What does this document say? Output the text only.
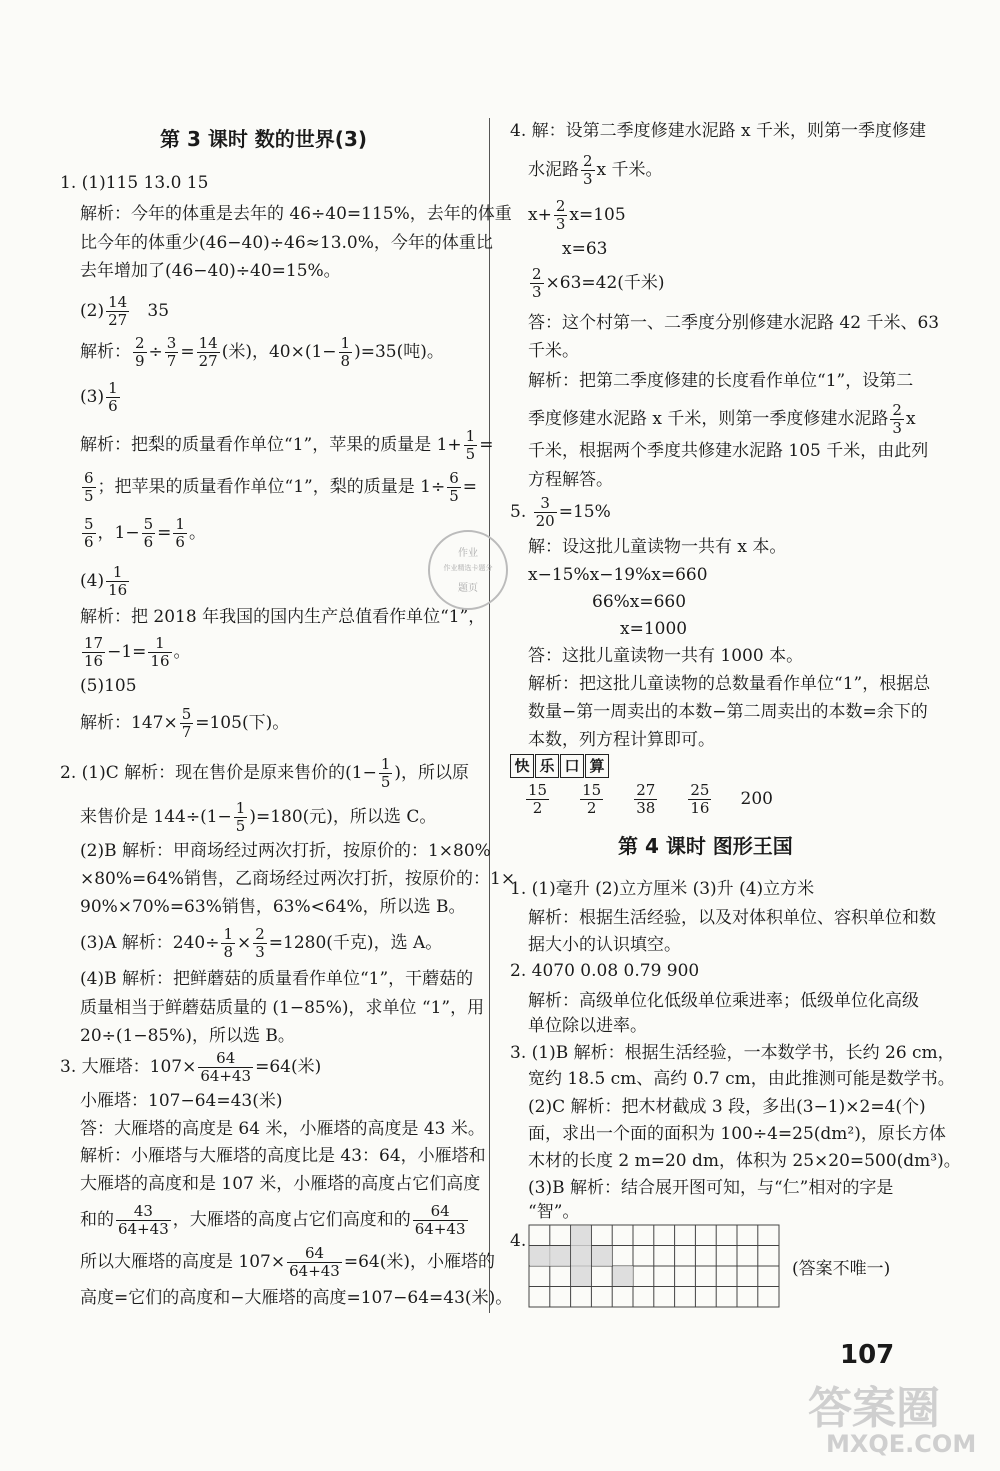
第 3 课时 数的世界(3)
1. (1)115 13.0 15
解析：今年的体重是去年的 46÷40=115%，去年的体重
比今年的体重少(46−40)÷46≈13.0%，今年的体重比
去年增加了(46−40)÷40=15%。
$(2) \frac{14}{27} 35$
解析： $\frac{2}{9} \div \frac{3}{7} = \frac{14}{27}$ (米)，$40\times(1- \frac{1}{8} )=35$(吨)。
$(3) \frac{1}{6}$
解析：把梨的质量看作单位“1”，苹果的质量是 $1+ \frac{1}{5}$ =
$\frac{6}{5}$ ；把苹果的质量看作单位“1”，梨的质量是 $1\div \frac{6}{5}$ =
$\frac{5}{6}$ ，$1- \frac{5}{6} = \frac{1}{6}$ 。
$(4) \frac{1}{16}$
解析：把 2018 年我国的国内生产总值看作单位“1”，
$\frac{17}{16} -1= \frac{1}{16}$ 。
(5)105
解析：$147\times \frac{5}{7} =105$(下)。
2. (1)C 解析：现在售价是原来售价的($1- \frac{1}{5}$ )，所以原
来售价是 $144\div(1- \frac{1}{5} )=180$(元)，所以选 C。
(2)B 解析：甲商场经过两次打折，按原价的：1×80%
×80%=64%销售，乙商场经过两次打折，按原价的：1×
90%×70%=63%销售，63%<64%，所以选 B。
(3)A 解析：$240\div \frac{1}{8} \times \frac{2}{3} =1280$(千克)，选 A。
(4)B 解析：把鲜蘑菇的质量看作单位“1”，干蘑菇的
质量相当于鲜蘑菇质量的 (1−85%)，求单位 “1”，用
20÷(1−85%)，所以选 B。
3. 大雁塔：$107\times \frac{64}{64+43} =64$(米)
小雁塔：107−64=43(米)
答：大雁塔的高度是 64 米，小雁塔的高度是 43 米。
解析：小雁塔与大雁塔的高度比是 43：64，小雁塔和
大雁塔的高度和是 107 米，小雁塔的高度占它们高度
和的 $\frac{43}{64+43}$ ，大雁塔的高度占它们高度和的 $\frac{64}{64+43}$
所以大雁塔的高度是 $107\times \frac{64}{64+43} =64$(米)，小雁塔的
高度=它们的高度和−大雁塔的高度=107−64=43(米)。
4. 解：设第二季度修建水泥路 x 千米，则第一季度修建
水泥路 $\frac{2}{3}$ x 千米。
$x+ \frac{2}{3} x=105$
x=63
$\frac{2}{3} \times 63=42$(千米)
答：这个村第一、二季度分别修建水泥路 42 千米、63
千米。
解析：把第二季度修建的长度看作单位“1”，设第二
季度修建水泥路 x 千米，则第一季度修建水泥路 $\frac{2}{3}$ x
千米，根据两个季度共修建水泥路 105 千米，由此列
方程解答。
5. $\frac{3}{20} =15\%$
解：设这批儿童读物一共有 x 本。
x−15%x−19%x=660
66%x=660
x=1000
答：这批儿童读物一共有 1000 本。
解析：把这批儿童读物的总数量看作单位“1”，根据总
数量−第一周卖出的本数−第二周卖出的本数=余下的
本数，列方程计算即可。
快 乐 口 算
$\frac{15}{2}$
$\frac{15}{2}$
$\frac{27}{38}$
$\frac{25}{16} 200$
第 4 课时 图形王国
1. (1)毫升 (2)立方厘米 (3)升 (4)立方米
解析：根据生活经验，以及对体积单位、容积单位和数
据大小的认识填空。
2. 4070 0.08 0.79 900
解析：高级单位化低级单位乘进率；低级单位化高级
单位除以进率。
3. (1)B 解析：根据生活经验，一本数学书，长约 26 cm，
宽约 18.5 cm、高约 0.7 cm，由此推测可能是数学书。
(2)C 解析：把木材截成 3 段，多出(3−1)×2=4(个)
面，求出一个面的面积为 100÷4=25(dm²)，原长方体
木材的长度 2 m=20 dm，体积为 25×20=500(dm³)。
(3)B 解析：结合展开图可知，与“仁”相对的字是
“智”。
4.
(答案不唯一)
作业
作业精选卡题分
题页
107
答案圈
MXQE.COM
